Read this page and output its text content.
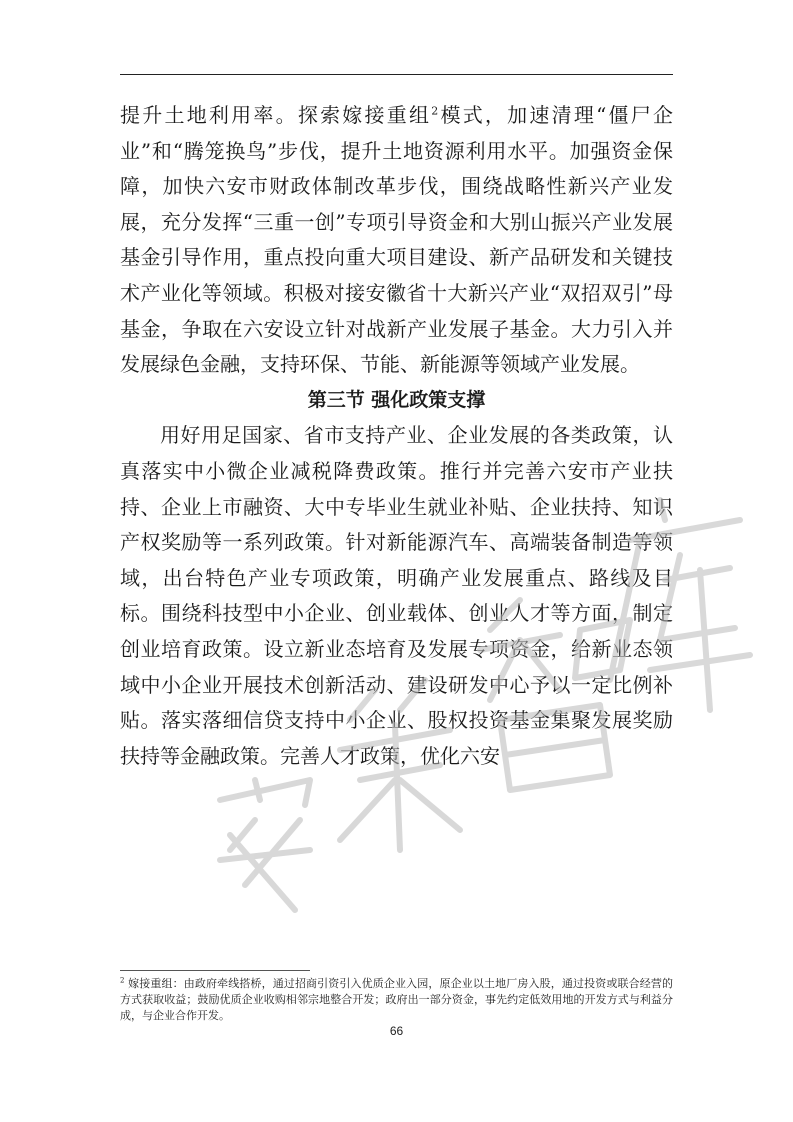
提升土地利用率。探索嫁接重组$^2$模式，加速清理“僵尸企业”和“腾笼换鸟”步伐，提升土地资源利用水平。加强资金保障，加快六安市财政体制改革步伐，围绕战略性新兴产业发展，充分发挥“三重一创”专项引导资金和大别山振兴产业发展基金引导作用，重点投向重大项目建设、新产品研发和关键技术产业化等领域。积极对接安徽省十大新兴产业“双招双引”母基金，争取在六安设立针对战新产业发展子基金。大力引入并发展绿色金融，支持环保、节能、新能源等领域产业发展。

第三节 强化政策支撑

用好用足国家、省市支持产业、企业发展的各类政策，认真落实中小微企业减税降费政策。推行并完善六安市产业扶持、企业上市融资、大中专毕业生就业补贴、企业扶持、知识产权奖励等一系列政策。针对新能源汽车、高端装备制造等领域，出台特色产业专项政策，明确产业发展重点、路线及目标。围绕科技型中小企业、创业载体、创业人才等方面，制定创业培育政策。设立新业态培育及发展专项资金，给新业态领域中小企业开展技术创新活动、建设研发中心予以一定比例补贴。落实落细信贷支持中小企业、股权投资基金集聚发展奖励扶持等金融政策。完善人才政策，优化六安

$^2$ 嫁接重组：由政府牵线搭桥，通过招商引资引入优质企业入园，原企业以土地厂房入股，通过投资或联合经营的方式获取收益；鼓励优质企业收购相邻宗地整合开发；政府出一部分资金，事先约定低效用地的开发方式与利益分成，与企业合作开发。
66
